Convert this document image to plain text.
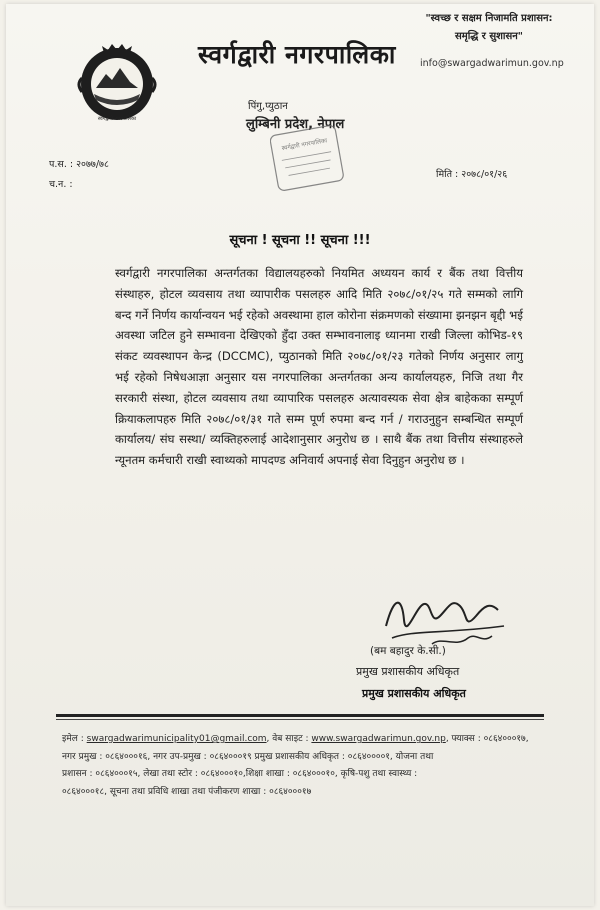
"स्वच्छ र सक्षम निजामति प्रशासन:
समृद्धि र सुशासन"
info@swargadwarimun.gov.np
स्वर्गद्वारी नगरपालिका
स्वर्गद्वारी नगरपालिका
पिंगु,प्युठान
लुम्बिनी प्रदेश, नेपाल
स्वर्गद्वारी नगरपालिका
प.स. : २०७७/७८
च.न. :
मिति : २०७८/०१/२६
सूचना ! सूचना !! सूचना !!!
स्वर्गद्वारी नगरपालिका अन्तर्गतका विद्यालयहरुको नियमित अध्ययन कार्य र बैंक तथा वित्तीय संस्थाहरु, होटल व्यवसाय तथा व्यापारीक पसलहरु आदि मिति २०७८/०१/२५ गते सम्मको लागि बन्द गर्ने निर्णय कार्यान्वयन भई रहेको अवस्थामा हाल कोरोना संक्रमणको संख्यामा झनझन बृद्दी भई अवस्था जटिल हुने सम्भावना देखिएको हुँदा उक्त सम्भावनालाइ ध्यानमा राखी जिल्ला कोभिड-१९ संकट व्यवस्थापन केन्द्र (DCCMC), प्युठानको मिति २०७८/०१/२३ गतेको निर्णय अनुसार लागु भई रहेको निषेधआज्ञा अनुसार यस नगरपालिका अन्तर्गतका अन्य कार्यालयहरु, निजि तथा गैर सरकारी संस्था, होटल व्यवसाय तथा व्यापारिक पसलहरु अत्यावस्यक सेवा क्षेत्र बाहेकका सम्पूर्ण क्रियाकलापहरु मिति २०७८/०१/३१ गते सम्म पूर्ण रुपमा बन्द गर्न / गराउनुहुन सम्बन्धित सम्पूर्ण कार्यालय/ संघ सस्था/ व्यक्तिहरुलाई आदेशानुसार अनुरोध छ । साथै बैंक तथा वित्तीय संस्थाहरुले न्यूनतम कर्मचारी राखी स्वाथ्यको मापदण्ड अनिवार्य अपनाई सेवा दिनुहुन अनुरोध छ ।
(बम बहादुर के.सी.)
प्रमुख प्रशासकीय अधिकृत
प्रमुख प्रशासकीय अधिकृत
इमेल : swargadwarimunicipality01@gmail.com, वेब साइट : www.swargadwarimun.gov.np, फ्याक्स : ०८६४०००१७,
नगर प्रमुख : ०८६४०००१६, नगर उप-प्रमुख : ०८६४०००१९ प्रमुख प्रशासकीय अधिकृत : ०८६४००००१, योजना तथा
प्रशासन : ०८६४०००१५, लेखा तथा स्टोर : ०८६४०००१०,शिक्षा शाखा : ०८६४०००१०, कृषि-पशु तथा स्वास्थ्य :
०८६४०००१८, सूचना तथा प्रविधि शाखा तथा पंजीकरण शाखा : ०८६४०००१७
